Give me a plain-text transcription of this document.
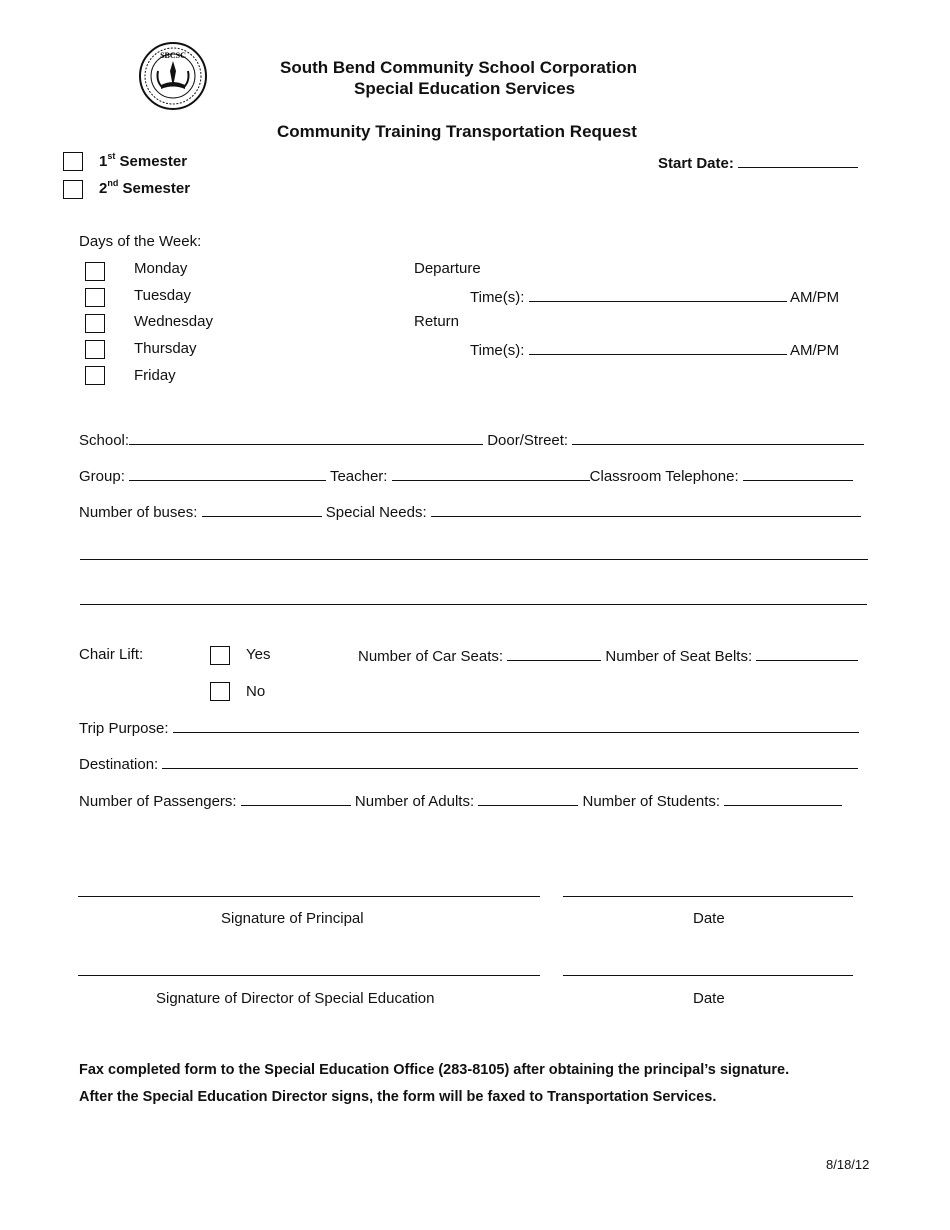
SBCSC
South Bend Community School Corporation
Special Education Services
Community Training Transportation Request
1st Semester
2nd Semester
Start Date:
Days of the Week:
Monday
Tuesday
Wednesday
Thursday
Friday
Departure
Time(s):	AM/PM
Return
Time(s):	AM/PM
School:	Door/Street:
Group:	Teacher:	Classroom Telephone:
Number of buses:	Special Needs:
Chair Lift:	Yes
No
Number of Car Seats:	Number of Seat Belts:
Trip Purpose:
Destination:
Number of Passengers:	Number of Adults:	Number of Students:
Signature of Principal	Date
Signature of Director of Special Education	Date
Fax completed form to the Special Education Office (283-8105) after obtaining the principal’s signature.
After the Special Education Director signs, the form will be faxed to Transportation Services.
8/18/12
